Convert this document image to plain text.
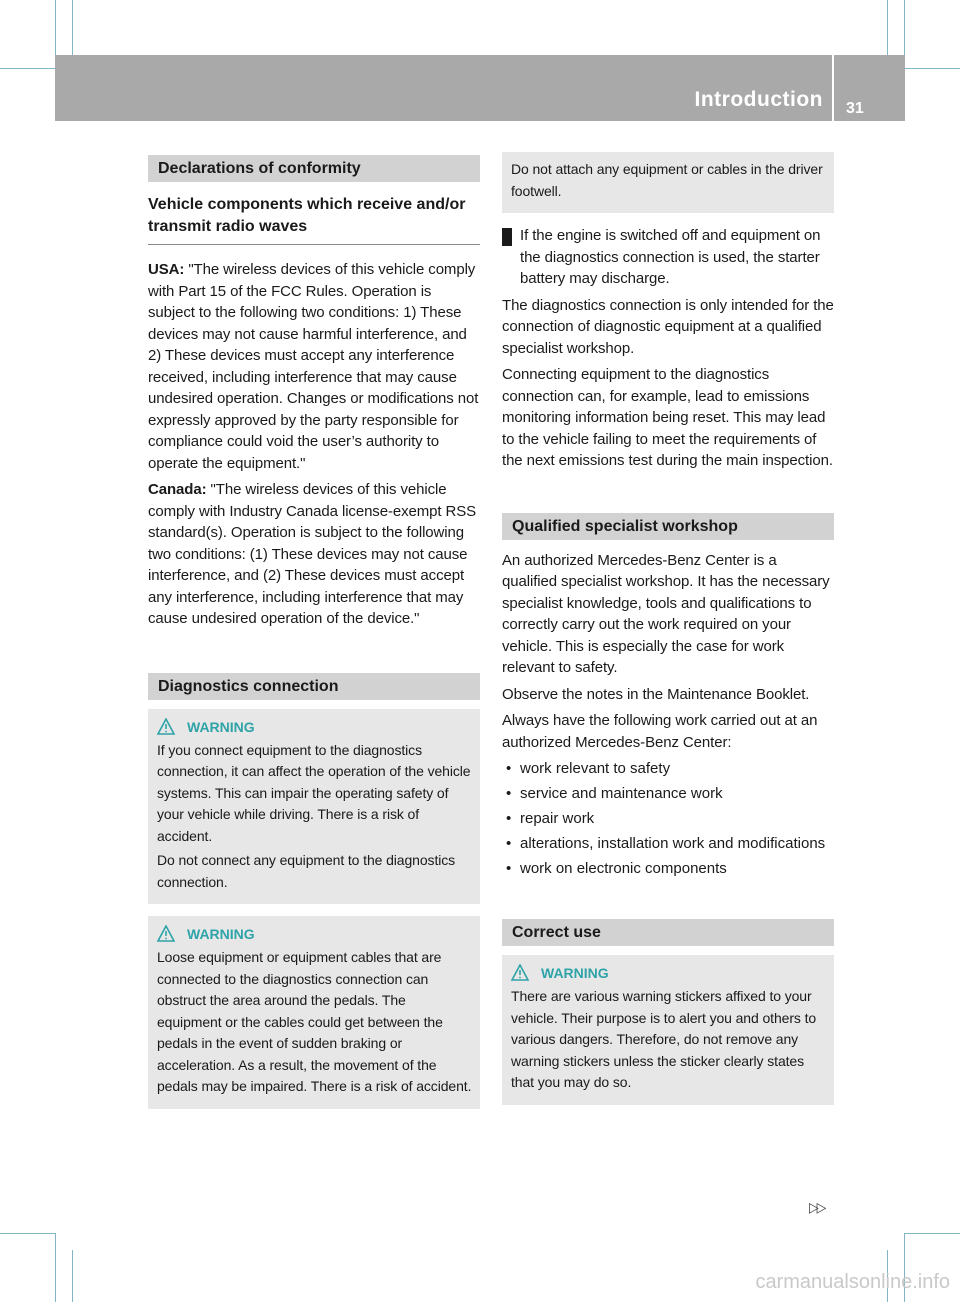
Introduction 31
Declarations of conformity
Vehicle components which receive and/or transmit radio waves

USA: "The wireless devices of this vehicle comply with Part 15 of the FCC Rules. Operation is subject to the following two conditions: 1) These devices may not cause harmful interference, and 2) These devices must accept any interference received, including interference that may cause undesired operation. Changes or modifications not expressly approved by the party responsible for compliance could void the user’s authority to operate the equipment."

Canada: "The wireless devices of this vehicle comply with Industry Canada license-exempt RSS standard(s). Operation is subject to the following two conditions: (1) These devices may not cause interference, and (2) These devices must accept any interference, including interference that may cause undesired operation of the device."

Diagnostics connection
WARNING

If you connect equipment to the diagnostics connection, it can affect the operation of the vehicle systems. This can impair the operating safety of your vehicle while driving. There is a risk of accident.

Do not connect any equipment to the diagnostics connection.

WARNING

Loose equipment or equipment cables that are connected to the diagnostics connection can obstruct the area around the pedals. The equipment or the cables could get between the pedals in the event of sudden braking or acceleration. As a result, the movement of the pedals may be impaired. There is a risk of accident.

Do not attach any equipment or cables in the driver footwell.

! If the engine is switched off and equipment on the diagnostics connection is used, the starter battery may discharge.

The diagnostics connection is only intended for the connection of diagnostic equipment at a qualified specialist workshop.

Connecting equipment to the diagnostics connection can, for example, lead to emissions monitoring information being reset. This may lead to the vehicle failing to meet the requirements of the next emissions test during the main inspection.

Qualified specialist workshop

An authorized Mercedes-Benz Center is a qualified specialist workshop. It has the necessary specialist knowledge, tools and qualifications to correctly carry out the work required on your vehicle. This is especially the case for work relevant to safety.

Observe the notes in the Maintenance Booklet.

Always have the following work carried out at an authorized Mercedes-Benz Center:

• work relevant to safety
• service and maintenance work
• repair work
• alterations, installation work and modifications
• work on electronic components
Correct use
WARNING

There are various warning stickers affixed to your vehicle. Their purpose is to alert you and others to various dangers. Therefore, do not remove any warning stickers unless the sticker clearly states that you may do so.

▷▷
carmanualsonline.info
